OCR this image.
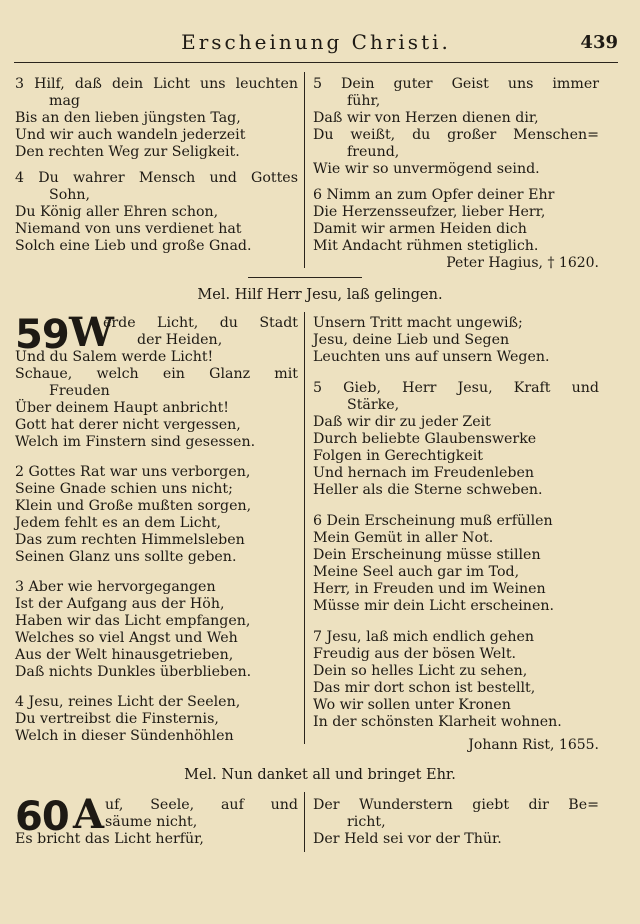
Erscheinung Christi.	439

3 Hilf, daß dein Licht uns leuchten

mag

Bis an den lieben jüngsten Tag,

Und wir auch wandeln jederzeit

Den rechten Weg zur Seligkeit.

4 Du wahrer Mensch und Gottes

Sohn,

Du König aller Ehren schon,

Niemand von uns verdienet hat

Solch eine Lieb und große Gnad.

5 Dein guter Geist uns immer

führ,

Daß wir von Herzen dienen dir,

Du weißt, du großer Menschen=

freund,

Wie wir so unvermögend seind.

6 Nimm an zum Opfer deiner Ehr

Die Herzensseufzer, lieber Herr,

Damit wir armen Heiden dich

Mit Andacht rühmen stetiglich.

Peter Hagius, † 1620.
Mel. Hilf Herr Jesu, laß gelingen.
59 W

erde Licht, du Stadt

der Heiden,

Und du Salem werde Licht!

Schaue, welch ein Glanz mit

Freuden

Über deinem Haupt anbricht!

Gott hat derer nicht vergessen,

Welch im Finstern sind gesessen.

2 Gottes Rat war uns verborgen,

Seine Gnade schien uns nicht;

Klein und Große mußten sorgen,

Jedem fehlt es an dem Licht,

Das zum rechten Himmelsleben

Seinen Glanz uns sollte geben.

3 Aber wie hervorgegangen

Ist der Aufgang aus der Höh,

Haben wir das Licht empfangen,

Welches so viel Angst und Weh

Aus der Welt hinausgetrieben,

Daß nichts Dunkles überblieben.

4 Jesu, reines Licht der Seelen,

Du vertreibst die Finsternis,

Welch in dieser Sündenhöhlen

Unsern Tritt macht ungewiß;

Jesu, deine Lieb und Segen

Leuchten uns auf unsern Wegen.

5 Gieb, Herr Jesu, Kraft und

Stärke,

Daß wir dir zu jeder Zeit

Durch beliebte Glaubenswerke

Folgen in Gerechtigkeit

Und hernach im Freudenleben

Heller als die Sterne schweben.

6 Dein Erscheinung muß erfüllen

Mein Gemüt in aller Not.

Dein Erscheinung müsse stillen

Meine Seel auch gar im Tod,

Herr, in Freuden und im Weinen

Müsse mir dein Licht erscheinen.

7 Jesu, laß mich endlich gehen

Freudig aus der bösen Welt.

Dein so helles Licht zu sehen,

Das mir dort schon ist bestellt,

Wo wir sollen unter Kronen

In der schönsten Klarheit wohnen.

Johann Rist, 1655.
Mel. Nun danket all und bringet Ehr.
60 A uf, Seele, auf und

säume nicht,

Es bricht das Licht herfür,

Der Wunderstern giebt dir Be=

richt,

Der Held sei vor der Thür.
